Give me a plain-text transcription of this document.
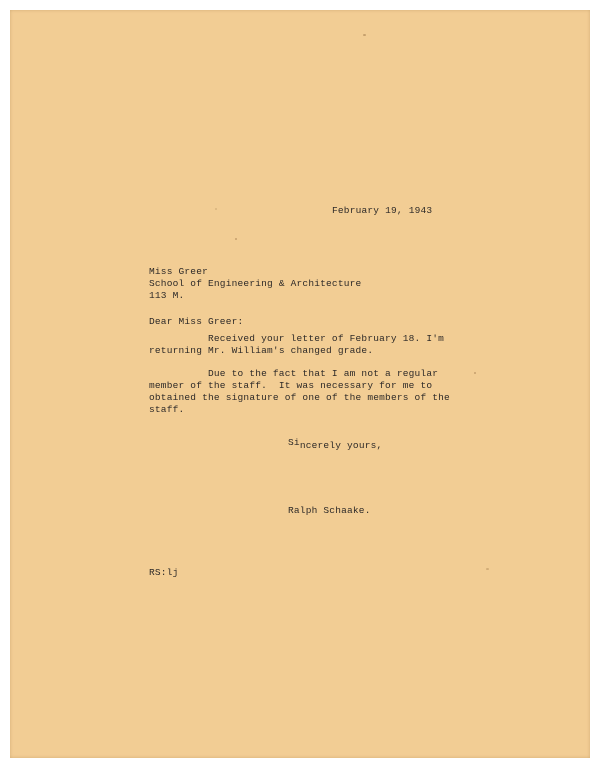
February 19, 1943

Miss Greer

School of Engineering & Architecture

113 M.

Dear Miss Greer:

Received your letter of February 18. I'm

returning Mr. William's changed grade.

Due to the fact that I am not a regular

member of the staff.  It was necessary for me to

obtained the signature of one of the members of the

staff.

Sincerely yours,

Ralph Schaake.

RS:lj
